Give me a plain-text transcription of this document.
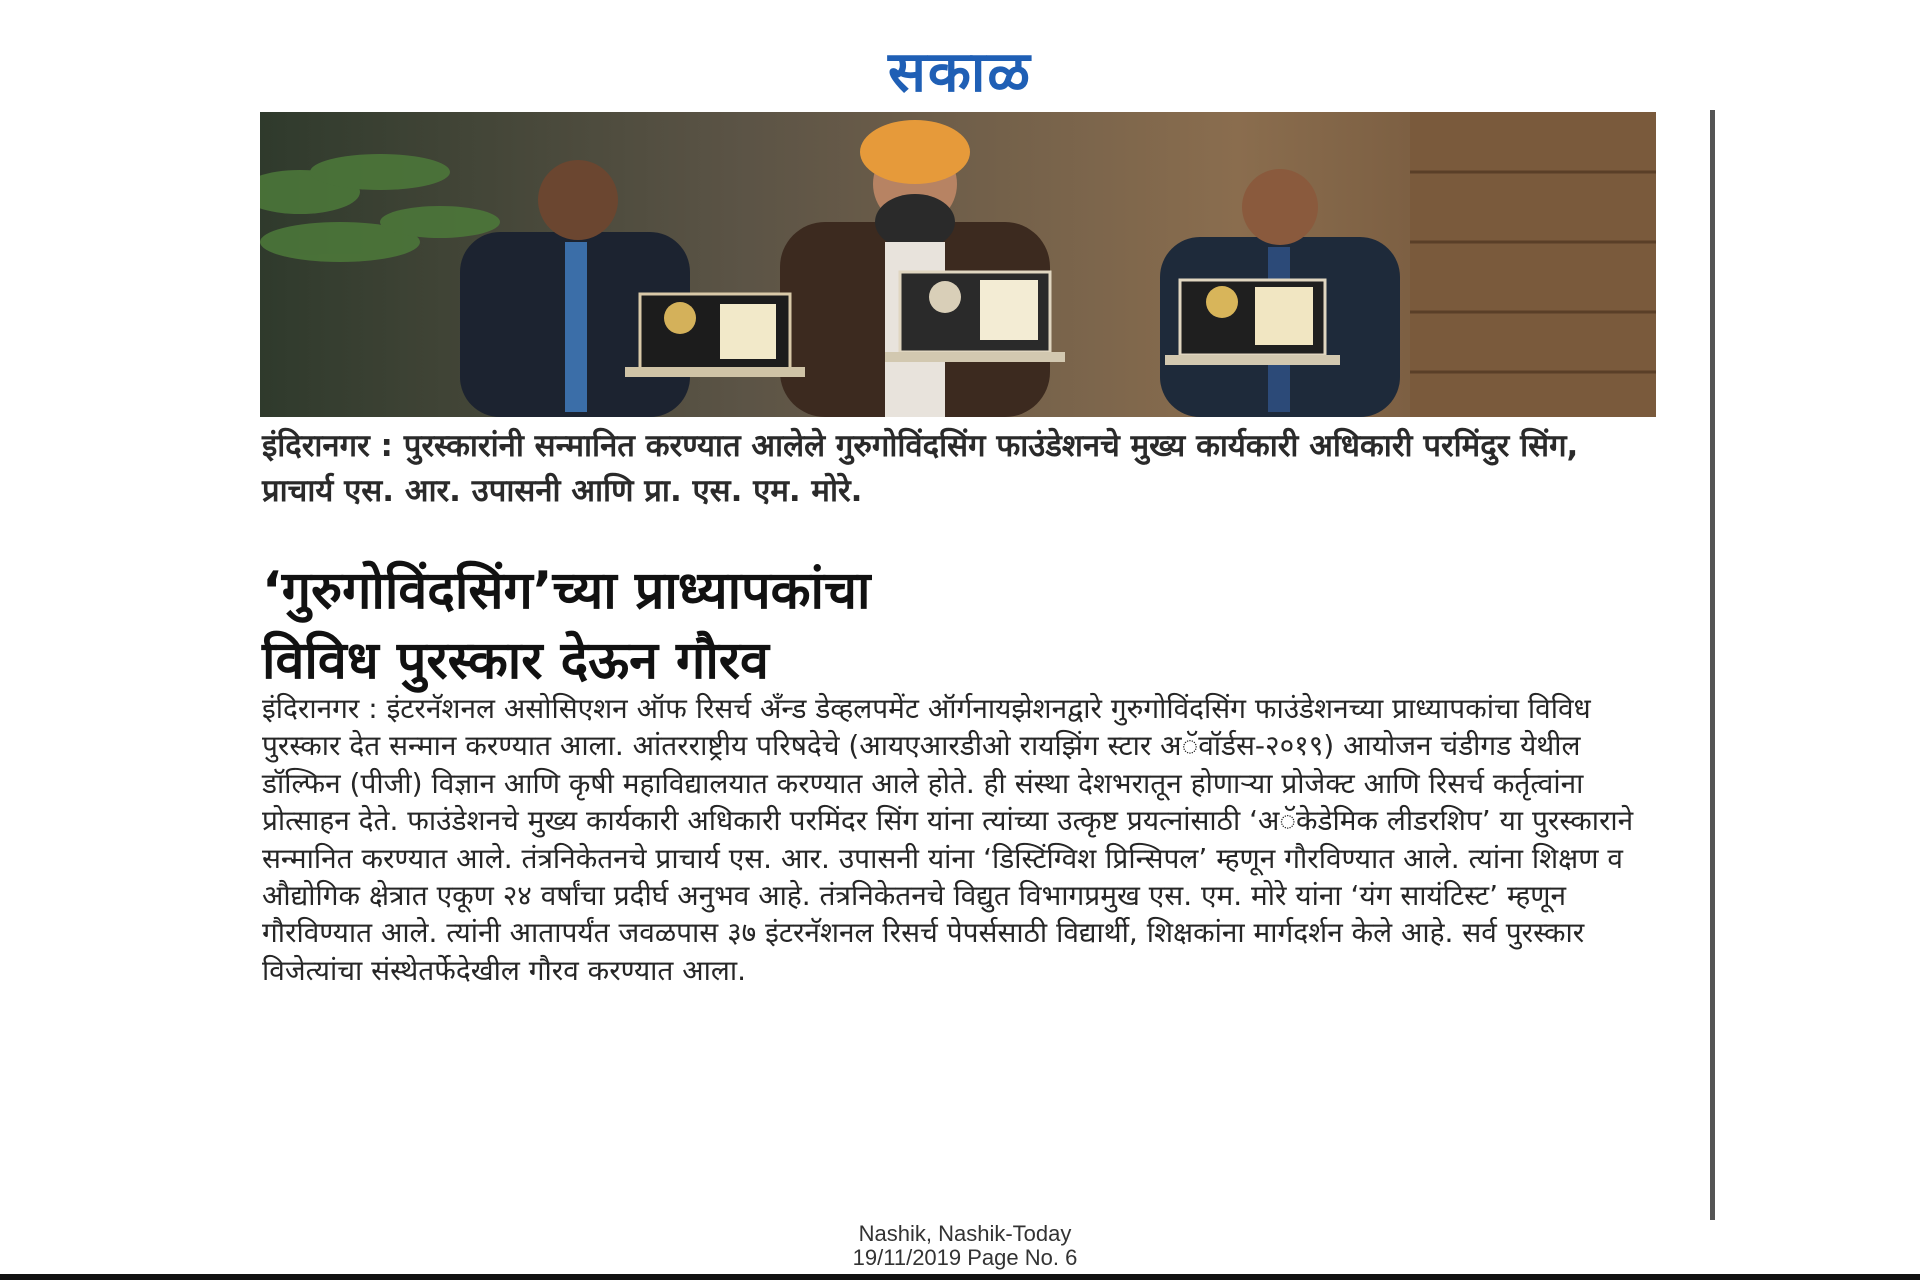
सकाळ
इंदिरानगर : पुरस्कारांनी सन्मानित करण्यात आलेले गुरुगोविंदसिंग फाउंडेशनचे मुख्य कार्यकारी अधिकारी परमिंदुर सिंग, प्राचार्य एस. आर. उपासनी आणि प्रा. एस. एम. मोरे.
‘गुरुगोविंदसिंग’च्या प्राध्यापकांचा
विविध पुरस्कार देऊन गौरव
इंदिरानगर : इंटरनॅशनल असोसिएशन ऑफ रिसर्च अँन्ड डेव्हलपमेंट ऑर्गनायझेशनद्वारे गुरुगोविंदसिंग फाउंडेशनच्या प्राध्यापकांचा विविध पुरस्कार देत सन्मान करण्यात आला. आंतरराष्ट्रीय परिषदेचे (आयएआरडीओ रायझिंग स्टार अॅवॉर्डस-२०१९) आयोजन चंडीगड येथील डॉल्फिन (पीजी) विज्ञान आणि कृषी महाविद्यालयात करण्यात आले होते. ही संस्था देशभरातून होणाऱ्या प्रोजेक्ट आणि रिसर्च कर्तृत्वांना प्रोत्साहन देते. फाउंडेशनचे मुख्य कार्यकारी अधिकारी परमिंदर सिंग यांना त्यांच्या उत्कृष्ट प्रयत्नांसाठी ‘अॅकेडेमिक लीडरशिप’ या पुरस्काराने सन्मानित करण्यात आले. तंत्रनिकेतनचे प्राचार्य एस. आर. उपासनी यांना ‘डिस्टिंग्विश प्रिन्सिपल’ म्हणून गौरविण्यात आले. त्यांना शिक्षण व औद्योगिक क्षेत्रात एकूण २४ वर्षांचा प्रदीर्घ अनुभव आहे. तंत्रनिकेतनचे विद्युत विभागप्रमुख एस. एम. मोरे यांना ‘यंग सायंटिस्ट’ म्हणून गौरविण्यात आले. त्यांनी आतापर्यंत जवळपास ३७ इंटरनॅशनल रिसर्च पेपर्ससाठी विद्यार्थी, शिक्षकांना मार्गदर्शन केले आहे. सर्व पुरस्कार विजेत्यांचा संस्थेतर्फेदेखील गौरव करण्यात आला.
Nashik, Nashik-Today
19/11/2019 Page No. 6
